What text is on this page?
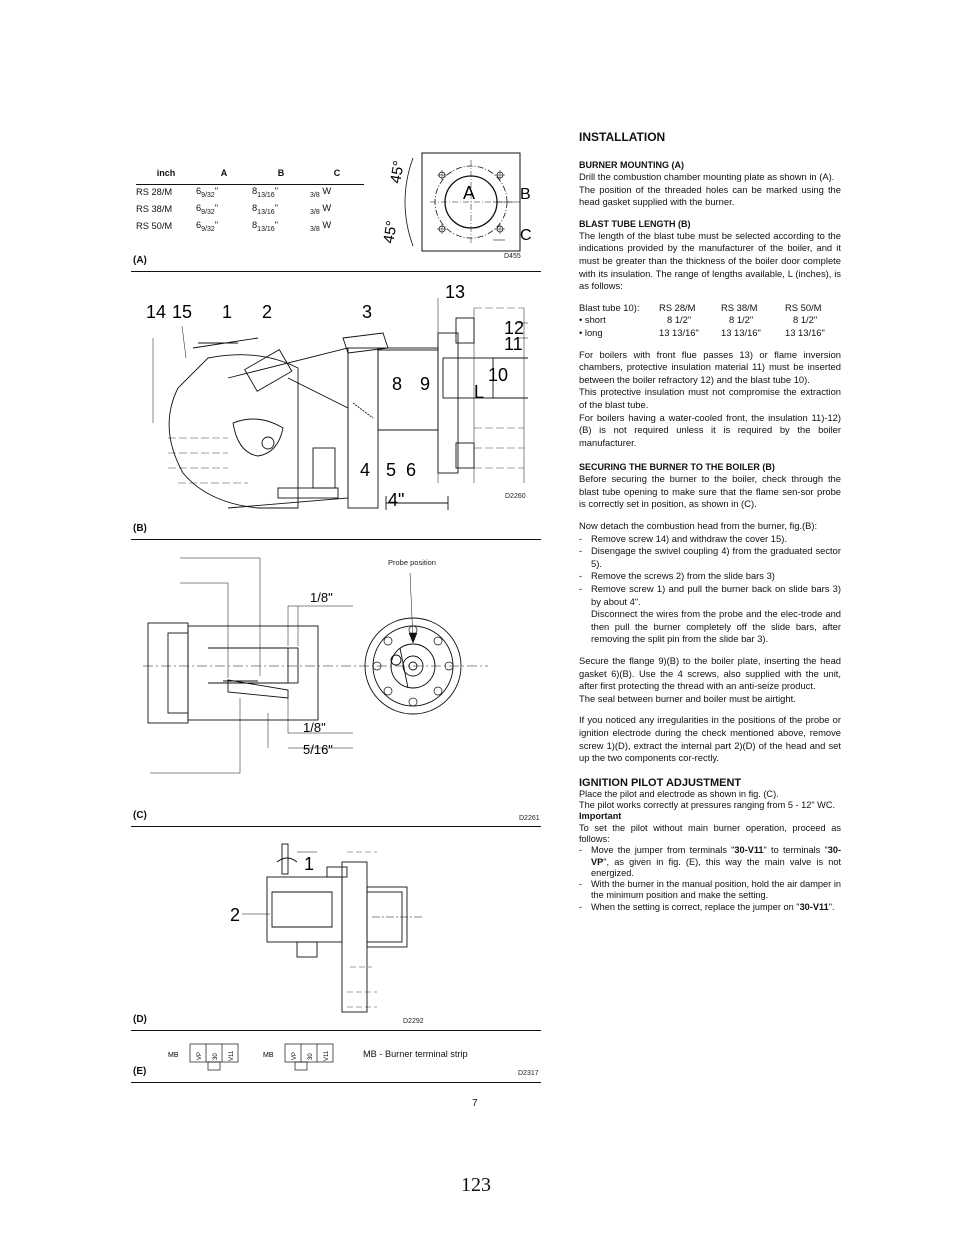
inch	A	B	C
RS 28/M	$6_{9/32}$"	$8_{13/16}$"	$_{3/8}$ W
RS 38/M	$6_{9/32}$"	$8_{13/16}$"	$_{3/8}$ W
RS 50/M	$6_{9/32}$"	$8_{13/16}$"	$_{3/8}$ W
45°
45°
A	B
C
D455
(A)
14 15 1 2	3
13
12
11
10
L
8 9
4 5 6
4"	D2260
(B)
1/8"
1/8"
5/16"
Probe position
D2261
(C)
1
2
D2292
(D)
MB	MB
VP 30 V11	VP 30 V11	MB - Burner terminal strip
D2317
(E)
INSTALLATION
BURNER MOUNTING (A)

Drill the combustion chamber mounting plate as shown in (A).

The position of the threaded holes can be marked using the head gasket supplied with the burner.

BLAST TUBE LENGTH (B)

The length of the blast tube must be selected according to the indications provided by the manufacturer of the boiler, and it must be greater than the thickness of the boiler door complete with its insulation. The range of lengths available, L (inches), is as follows:

Blast tube 10):	RS 28/M	RS 38/M	RS 50/M
• short	8 1/2"	8 1/2"	8 1/2"
• long	13 13/16"	13 13/16"	13 13/16"

For boilers with front flue passes 13) or flame inversion chambers, protective insulation material 11) must be inserted between the boiler refractory 12) and the blast tube 10).

This protective insulation must not compromise the extraction of the blast tube.

For boilers having a water-cooled front, the insulation 11)-12)(B) is not required unless it is required by the boiler manufacturer.

SECURING THE BURNER TO THE BOILER (B)

Before securing the burner to the boiler, check through the blast tube opening to make sure that the flame sen-sor probe is correctly set in position, as shown in (C).

Now detach the combustion head from the burner, fig.(B):

- Remove screw 14) and withdraw the cover 15).
- Disengage the swivel coupling 4) from the graduated sector 5).
- Remove the screws 2) from the slide bars 3)
- Remove screw 1) and pull the burner back on slide bars 3) by about 4".
Disconnect the wires from the probe and the elec-trode and then pull the burner completely off the slide bars, after removing the split pin from the slide bar 3).

Secure the flange 9)(B) to the boiler plate, inserting the head gasket 6)(B). Use the 4 screws, also supplied with the unit, after first protecting the thread with an anti-seize product.

The seal between burner and boiler must be airtight.

If you noticed any irregularities in the positions of the probe or ignition electrode during the check mentioned above, remove screw 1)(D), extract the internal part 2)(D) of the head and set up the two components cor-rectly.

IGNITION PILOT ADJUSTMENT

Place the pilot and electrode as shown in fig. (C).

The pilot works correctly at pressures ranging from 5 - 12" WC.

Important

To set the pilot without main burner operation, proceed as follows:

- Move the jumper from terminals "30-V11" to terminals "30-VP", as given in fig. (E), this way the main valve is not energized.
- With the burner in the manual position, hold the air damper in the minimum position and make the setting.
- When the setting is correct, replace the jumper on "30-V11".
7
123
